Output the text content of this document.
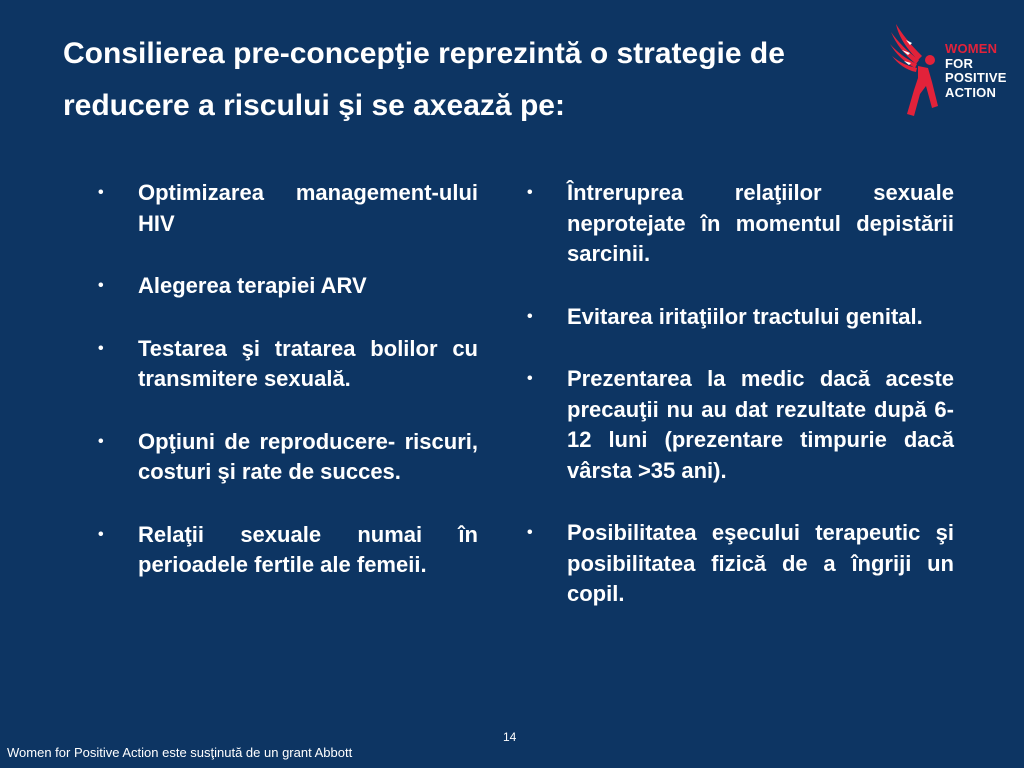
Consilierea pre-concepţie reprezintă o strategie de reducere a riscului şi se axează pe:
WOMEN
FOR
POSITIVE
ACTION
• Optimizarea management-ului HIV
• Alegerea terapiei ARV
• Testarea şi tratarea bolilor cu transmitere sexuală.
• Opţiuni de reproducere- riscuri, costuri şi rate de succes.
• Relaţii sexuale numai în perioadele fertile ale femeii.
• Întreruprea relaţiilor sexuale neprotejate în momentul depistării sarcinii.
• Evitarea iritaţiilor tractului genital.
• Prezentarea la medic dacă aceste precauţii nu au dat rezultate după 6-12 luni (prezentare timpurie dacă vârsta >35 ani).
• Posibilitatea eşecului terapeutic şi posibilitatea fizică de a îngriji un copil.
14
Women for Positive Action este susţinută de un grant Abbott
